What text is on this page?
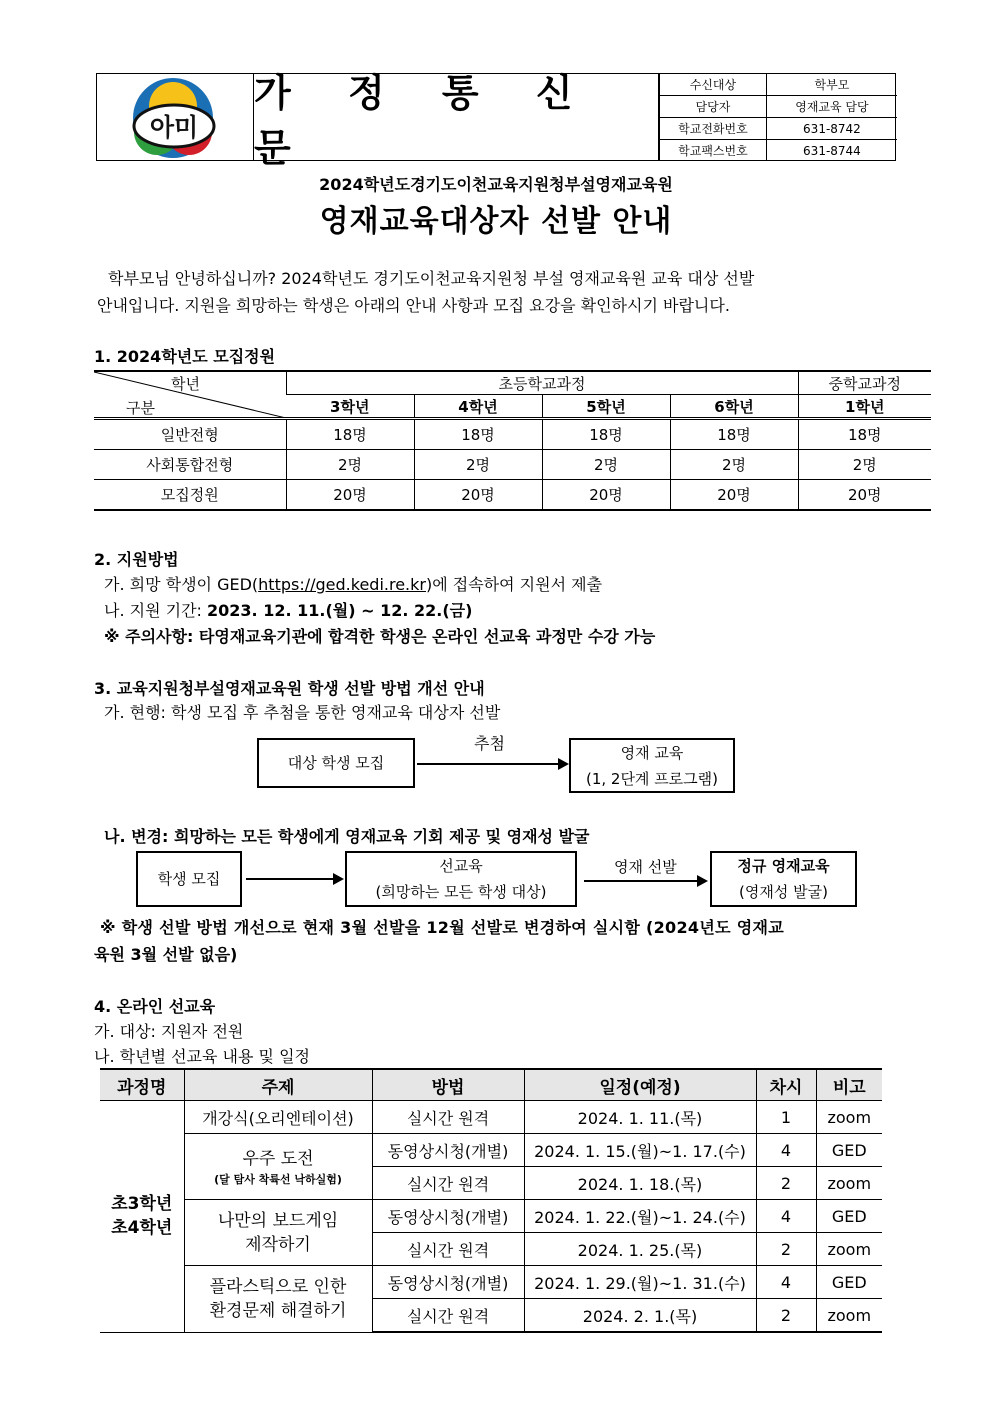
아미
가 정 통 신 문
수신대상	학부모
담당자	영재교육 담당
학교전화번호	631-8742
학교팩스번호	631-8744
2024학년도경기도이천교육지원청부설영재교육원
영재교육대상자 선발 안내
학부모님 안녕하십니까? 2024학년도 경기도이천교육지원청 부설 영재교육원 교육 대상 선발
안내입니다. 지원을 희망하는 학생은 아래의 안내 사항과 모집 요강을 확인하시기 바랍니다.
1. 2024학년도 모집정원
학년
구분	초등학교과정				중학교과정
	3학년	4학년	5학년	6학년	1학년
일반전형	18명	18명	18명	18명	18명
사회통합전형	2명	2명	2명	2명	2명
모집정원	20명	20명	20명	20명	20명
2. 지원방법
가. 희망 학생이 GED(https://ged.kedi.re.kr)에 접속하여 지원서 제출
나. 지원 기간: 2023. 12. 11.(월) ~ 12. 22.(금)
※ 주의사항: 타영재교육기관에 합격한 학생은 온라인 선교육 과정만 수강 가능
3. 교육지원청부설영재교육원 학생 선발 방법 개선 안내
가. 현행: 학생 모집 후 추첨을 통한 영재교육 대상자 선발
대상 학생 모집
추첨	영재 교육
(1, 2단계 프로그램)
나. 변경: 희망하는 모든 학생에게 영재교육 기회 제공 및 영재성 발굴
학생 모집
선교육
(희망하는 모든 학생 대상)
영재 선발	정규 영재교육
(영재성 발굴)
※ 학생 선발 방법 개선으로 현재 3월 선발을 12월 선발로 변경하여 실시함 (2024년도 영재교
육원 3월 선발 없음)
4. 온라인 선교육
가. 대상: 지원자 전원
나. 학년별 선교육 내용 및 일정
과정명	주제	방법	일정(예정)	차시	비고

초3학년
초4학년	개강식(오리엔테이션)	실시간 원격	2024. 1. 11.(목)	1	zoom

	우주 도전
(달 탐사 착륙선 낙하실험)	동영상시청(개별)	2024. 1. 15.(월)~1. 17.(수)	4	GED
		실시간 원격	2024. 1. 18.(목)	2	zoom

	나만의 보드게임
제작하기	동영상시청(개별)	2024. 1. 22.(월)~1. 24.(수)	4	GED
		실시간 원격	2024. 1. 25.(목)	2	zoom

	플라스틱으로 인한
환경문제 해결하기	동영상시청(개별)	2024. 1. 29.(월)~1. 31.(수)	4	GED
		실시간 원격	2024. 2. 1.(목)	2	zoom
